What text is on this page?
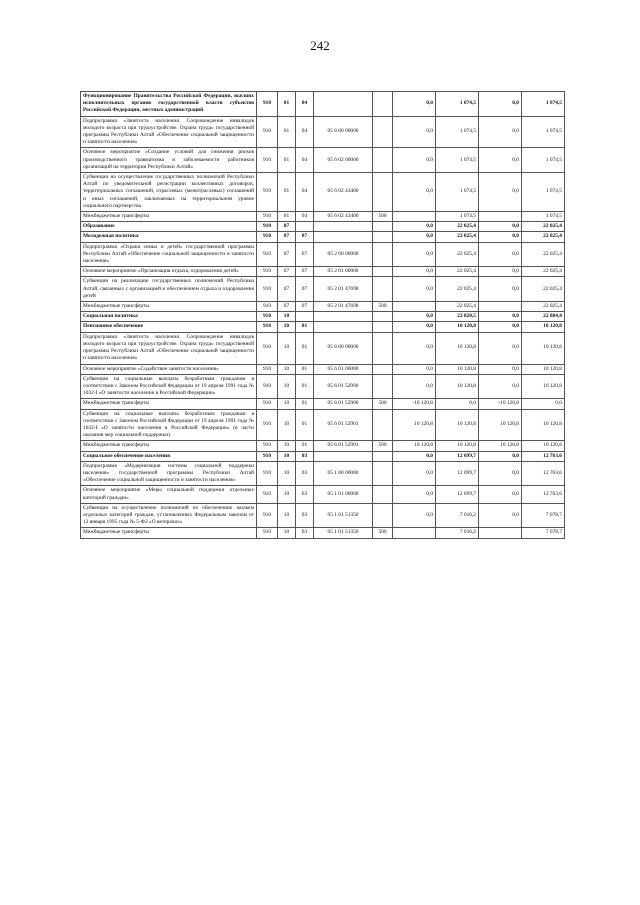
242
Функционирование Правительства Российской Федерации, высших исполнительных органов государственной власти субъектов Российской Федерации, местных администраций	910	01	04			0,0	1 074,5	0,0	1 074,5
Подпрограмма «Занятость населения. Сопровождение инвалидов молодого возраста при трудоустройстве. Охрана труда» государственной программы Республики Алтай «Обеспечение социальной защищенности и занятости населения»	910	01	04	05 6 00 00000		0,0	1 074,5	0,0	1 074,5
Основное мероприятие «Создание условий для снижения рисков производственного травматизма и заболеваемости работников организаций на территории Республики Алтай»	910	01	04	05 6 02 00000		0,0	1 074,5	0,0	1 074,5
Субвенции на осуществление государственных полномочий Республики Алтай по уведомительной регистрации коллективных договоров, территориальных соглашений, отраслевых (межотраслевых) соглашений и иных соглашений, заключаемых на территориальном уровне социального партнерства	910	01	04	05 6 02 43400		0,0	1 074,5	0,0	1 074,5
Межбюджетные трансферты	910	01	04	05 6 02 43400	500		1 074,5		1 074,5
Образование	910	07				0,0	22 025,4	0,0	22 025,4
Молодежная политика	910	07	07			0,0	22 025,4	0,0	22 025,4
Подпрограмма «Охрана семьи и детей» государственной программы Республики Алтай «Обеспечение социальной защищенности и занятости населения»	910	07	07	05 2 00 00000		0,0	22 025,4	0,0	22 025,4
Основное мероприятие «Организация отдыха, оздоровления детей»	910	07	07	05 2 01 00000		0,0	22 025,4	0,0	22 025,4
Субвенции на реализацию государственных полномочий Республики Алтай, связанных с организацией и обеспечением отдыха и оздоровления детей	910	07	07	05 2 01 47698		0,0	22 025,4	0,0	22 025,4
Межбюджетные трансферты	910	07	07	05 2 01 47698	500		22 025,4		22 025,4
Социальная политика	910	10				0,0	22 820,5	0,0	22 884,4
Пенсионное обеспечение	910	10	01			0,0	10 120,8	0,0	10 120,8
Подпрограмма «Занятость населения. Сопровождение инвалидов молодого возраста при трудоустройстве. Охрана труда» государственной программы Республики Алтай «Обеспечение социальной защищенности и занятости населения»	910	10	01	05 6 00 00000		0,0	10 120,8	0,0	10 120,8
Основное мероприятие «Содействие занятости населения»	910	10	01	05 6 01 00000		0,0	10 120,8	0,0	10 120,8
Субвенция на социальные выплаты безработным гражданам в соответствии с Законом Российской Федерации от 19 апреля 1991 года № 1032-I «О занятости населения в Российской Федерации»	910	10	01	05 6 01 52900		0,0	10 120,8	0,0	10 120,8
Межбюджетные трансферты	910	10	01	05 6 01 52900	500	-10 120,8	0,0	-10 120,8	0,0
Субвенции на социальные выплаты безработным гражданам в соответствии с Законом Российской Федерации от 19 апреля 1991 года № 1032-I «О занятости населения в Российской Федерации» (в части оказания мер социальной поддержки)	910	10	01	05 6 01 52901		10 120,8	10 120,8	10 120,8	10 120,8
Межбюджетные трансферты	910	10	01	05 6 01 52901	500	10 120,8	10 120,8	10 120,8	10 120,8
Социальное обеспечение населения	910	10	03			0,0	12 699,7	0,0	12 763,6
Подпрограмма «Модернизация системы социальной поддержки населения» государственной программы Республики Алтай «Обеспечение социальной защищенности и занятости населения»	910	10	03	05 1 00 00000		0,0	12 699,7	0,0	12 763,6
Основное мероприятие «Меры социальной поддержки отдельных категорий граждан»	910	10	03	05 1 01 00000		0,0	12 699,7	0,0	12 763,6
Субвенции на осуществление полномочий по обеспечению жильем отдельных категорий граждан, установленных Федеральным законом от 12 января 1995 года № 5-ФЗ «О ветеранах»	910	10	03	05 1 01 51350		0,0	7 016,2	0,0	7 078,7
Межбюджетные трансферты	910	10	03	05 1 01 51350	500		7 016,2		7 078,7
